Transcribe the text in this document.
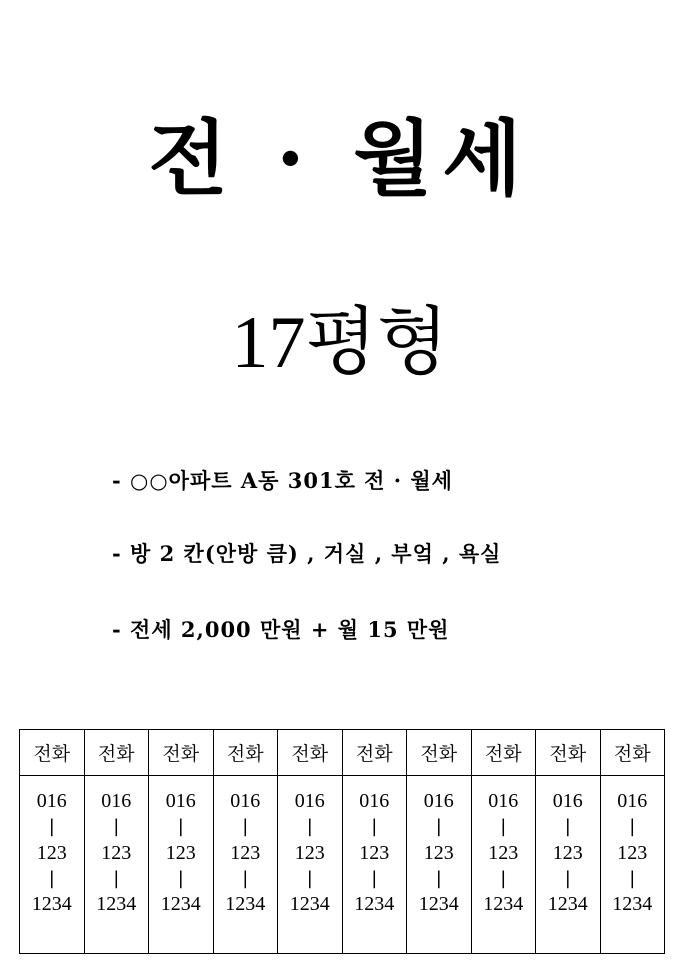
전 · 월세
17평형
- ○○아파트 A동 301호 전 · 월세
- 방 2 칸(안방 큼) , 거실 , 부엌 , 욕실
- 전세 2,000 만원 + 월 15 만원
전화	전화	전화	전화	전화	전화	전화	전화	전화	전화

016
|
123
|
1234	016
|
123
|
1234	016
|
123
|
1234	016
|
123
|
1234	016
|
123
|
1234	016
|
123
|
1234	016
|
123
|
1234	016
|
123
|
1234	016
|
123
|
1234	016
|
123
|
1234
